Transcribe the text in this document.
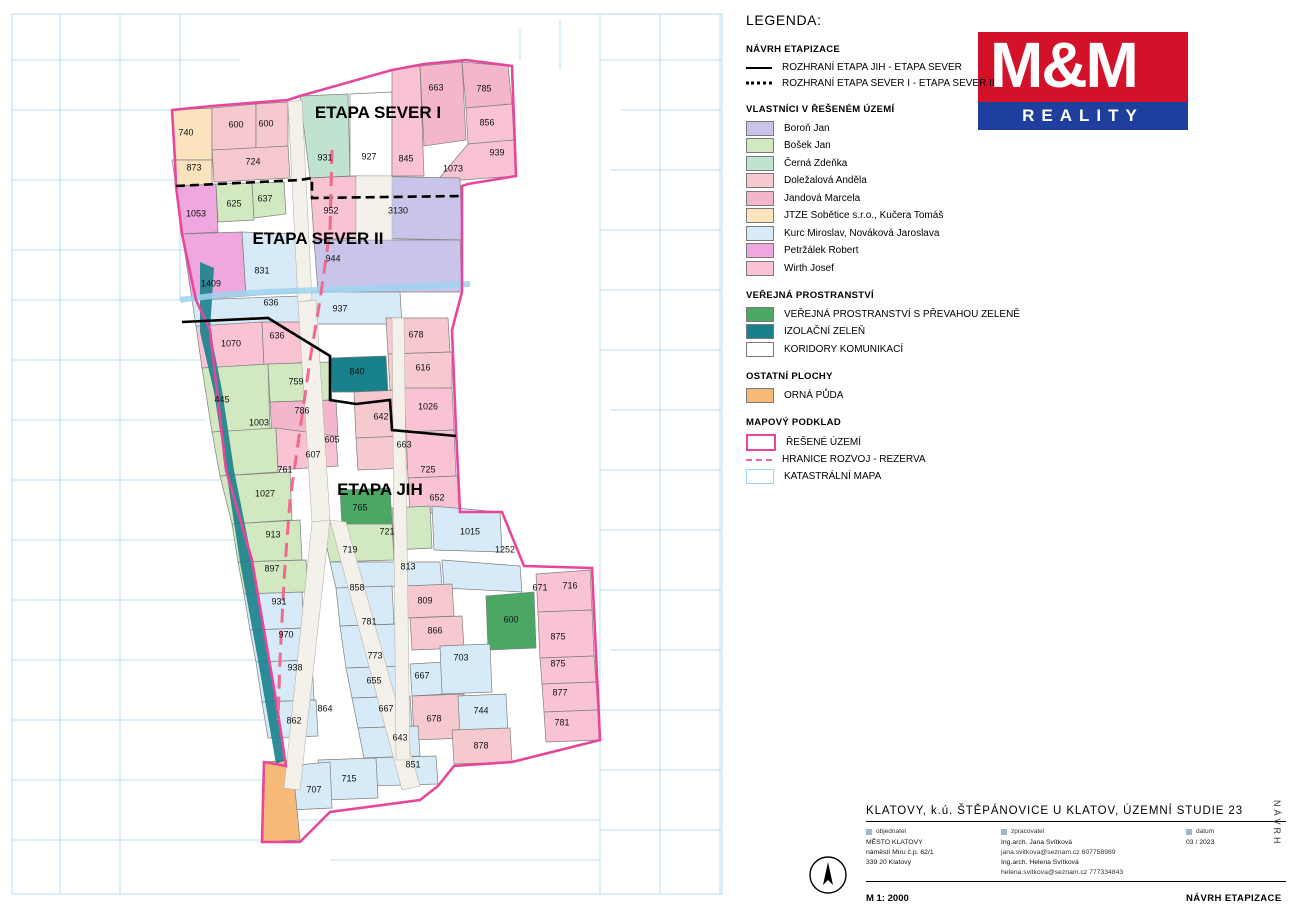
740
600 600
663	785
856
873
724	931	927 845
939
1073
1053
625 637
952	3130
944
831
1409
636
937
636	678
1070
840	616
759
445
786
642
1026
1003
605	663
607
761	725
1027	652
765
721	1015
913
719	1252
813
897
858	671 716
931	809
600
970
781
866
875
773	703
875
938
655	667
877
864	667
678
744
781
862
643
878
851
715
707
ETAPA SEVER I
ETAPA SEVER II
ETAPA JIH
M&M
REALITY
LEGENDA:
NÁVRH ETAPIZACE
ROZHRANÍ ETAPA JIH - ETAPA SEVER
ROZHRANÍ ETAPA SEVER I - ETAPA SEVER II
VLASTNÍCI V ŘEŠENÉM ÚZEMÍ
Boroň Jan
Bošek Jan
Černá Zdeňka
Doležalová Anděla
Jandová Marcela
JTZE Sobětice s.r.o., Kučera Tomáš
Kurc Miroslav, Nováková Jaroslava
Petržálek Robert
Wirth Josef
VEŘEJNÁ PROSTRANSTVÍ
VEŘEJNÁ PROSTRANSTVÍ S PŘEVAHOU ZELENĚ
IZOLAČNÍ ZELEŇ
KORIDORY KOMUNIKACÍ
OSTATNÍ PLOCHY
ORNÁ PŮDA
MAPOVÝ PODKLAD
ŘEŠENÉ ÚZEMÍ
HRANICE ROZVOJ - REZERVA
KATASTRÁLNÍ MAPA
KLATOVY, k.ú. ŠTĚPÁNOVICE U KLATOV, ÚZEMNÍ STUDIE 23
objednatel
MĚSTO KLATOVY
náměstí Míru č.p. 62/1
339 20 Klatovy
zpracovatel
Ing.arch. Jana Svítková
jana.svitkova@seznam.cz 607758989
Ing.arch. Helena Svítková
helena.svitkova@seznam.cz 777334843
datum
03 / 2023
M 1: 2000	NÁVRH ETAPIZACE
NÁVRH
